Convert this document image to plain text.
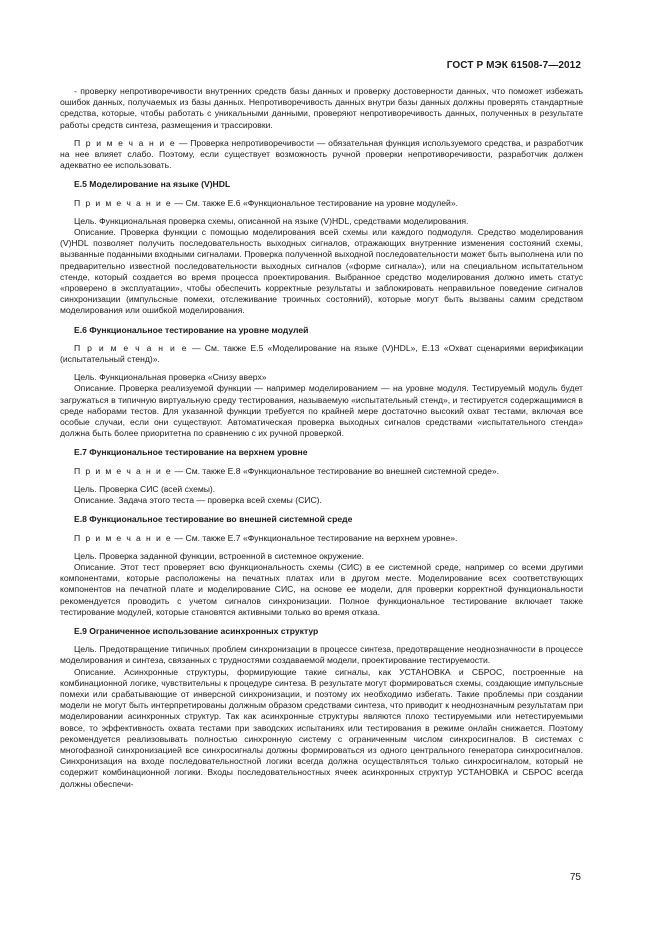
ГОСТ Р МЭК 61508-7—2012

- проверку непротиворечивости внутренних средств базы данных и проверку достоверности данных, что поможет избежать ошибок данных, получаемых из базы данных. Непротиворечивость данных внутри базы данных должны проверять стандартные средства, которые, чтобы работать с уникальными данными, проверяют непротиворечивость данных, полученных в результате работы средств синтеза, размещения и трассировки.

П р и м е ч а н и е — Проверка непротиворечивости — обязательная функция используемого средства, и разработчик на нее влияет слабо. Поэтому, если существует возможность ручной проверки непротиворечивости, разработчик должен адекватно ее использовать.

E.5 Моделирование на языке (V)HDL

П р и м е ч а н и е — См. также Е.6 «Функциональное тестирование на уровне модулей».

Цель. Функциональная проверка схемы, описанной на языке (V)HDL, средствами моделирования.

Описание. Проверка функции с помощью моделирования всей схемы или каждого подмодуля. Средство моделирования (V)HDL позволяет получить последовательность выходных сигналов, отражающих внутренние изменения состояний схемы, вызванные поданными входными сигналами. Проверка полученной выходной последовательности может быть выполнена или по предварительно известной последовательности выходных сигналов («форме сигнала»), или на специальном испытательном стенде, который создается во время процесса проектирования. Выбранное средство моделирования должно иметь статус «проверено в эксплуатации», чтобы обеспечить корректные результаты и заблокировать неправильное поведение сигналов синхронизации (импульсные помехи, отслеживание троичных состояний), которые могут быть вызваны самим средством моделирования или ошибкой моделирования.

E.6 Функциональное тестирование на уровне модулей

П р и м е ч а н и е — См. также Е.5 «Моделирование на языке (V)HDL», Е.13 «Охват сценариями верификации (испытательный стенд)».

Цель. Функциональная проверка «Снизу вверх»

Описание. Проверка реализуемой функции — например моделированием — на уровне модуля. Тестируемый модуль будет загружаться в типичную виртуальную среду тестирования, называемую «испытательный стенд», и тестируется содержащимися в среде наборами тестов. Для указанной функции требуется по крайней мере достаточно высокий охват тестами, включая все особые случаи, если они существуют. Автоматическая проверка выходных сигналов средствами «испытательного стенда» должна быть более приоритетна по сравнению с их ручной проверкой.

E.7 Функциональное тестирование на верхнем уровне

П р и м е ч а н и е — См. также Е.8 «Функциональное тестирование во внешней системной среде».

Цель. Проверка СИС (всей схемы).

Описание. Задача этого теста — проверка всей схемы (СИС).

E.8 Функциональное тестирование во внешней системной среде

П р и м е ч а н и е — См. также Е.7 «Функциональное тестирование на верхнем уровне».

Цель. Проверка заданной функции, встроенной в системное окружение.

Описание. Этот тест проверяет всю функциональность схемы (СИС) в ее системной среде, например со всеми другими компонентами, которые расположены на печатных платах или в другом месте. Моделирование всех соответствующих компонентов на печатной плате и моделирование СИС, на основе ее модели, для проверки корректной функциональности рекомендуется проводить с учетом сигналов синхронизации. Полное функциональное тестирование включает также тестирование модулей, которые становятся активными только во время отказа.

E.9 Ограниченное использование асинхронных структур

Цель. Предотвращение типичных проблем синхронизации в процессе синтеза, предотвращение неоднозначности в процессе моделирования и синтеза, связанных с трудностями создаваемой модели, проектирование тестируемости.

Описание. Асинхронные структуры, формирующие такие сигналы, как УСТАНОВКА и СБРОС, построенные на комбинационной логике, чувствительны к процедуре синтеза. В результате могут формироваться схемы, создающие импульсные помехи или срабатывающие от инверсной синхронизации, и поэтому их необходимо избегать. Такие проблемы при создании модели не могут быть интерпретированы должным образом средствами синтеза, что приводит к неоднозначным результатам при моделировании асинхронных структур. Так как асинхронные структуры являются плохо тестируемыми или нетестируемыми вовсе, то эффективность охвата тестами при заводских испытаниях или тестирования в режиме онлайн снижается. Поэтому рекомендуется реализовывать полностью синхронную систему с ограниченным числом синхросигналов. В системах с многофазной синхронизацией все синхросигналы должны формироваться из одного центрального генератора синхросигналов. Синхронизация на входе последовательностной логики всегда должна осуществляться только синхросигналом, который не содержит комбинационной логики. Входы последовательностных ячеек асинхронных структур УСТАНОВКА и СБРОС всегда должны обеспечи-

75
